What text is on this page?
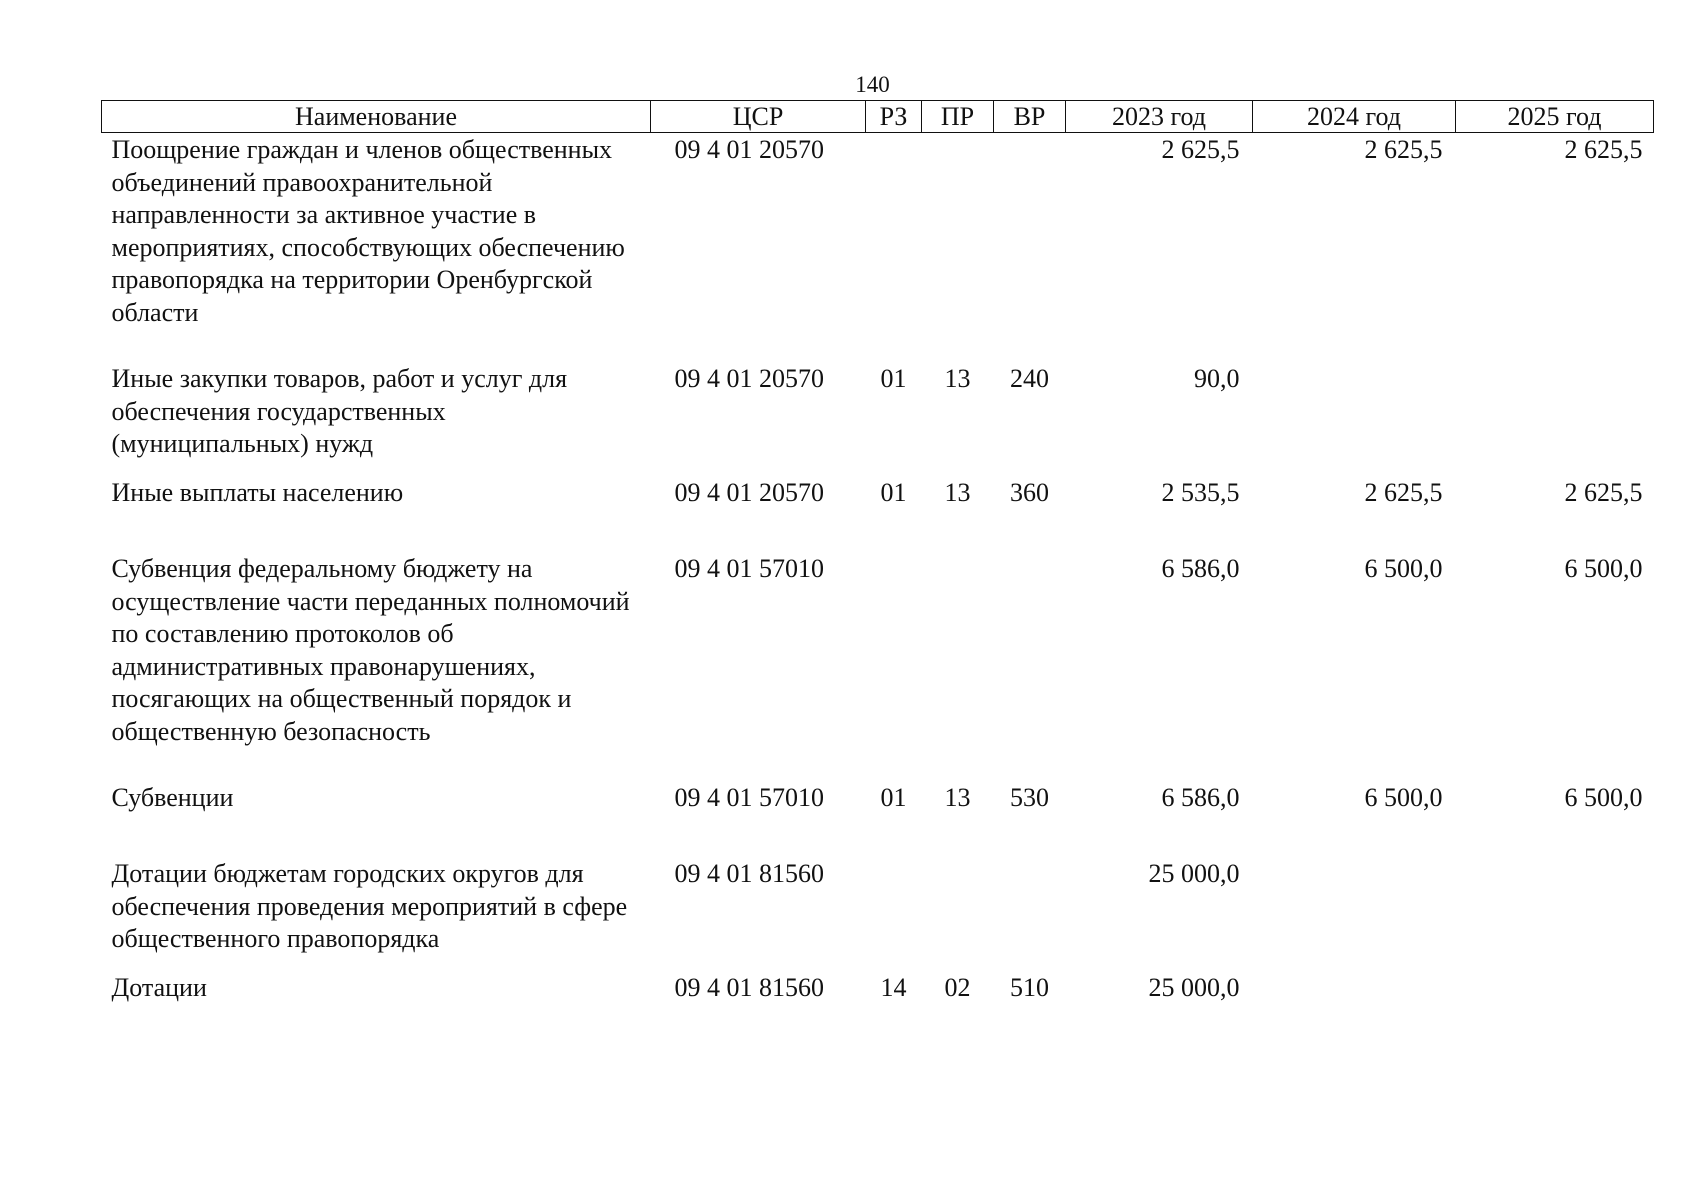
140
Наименование	ЦСР	РЗ	ПР	ВР	2023 год	2024 год	2025 год
Поощрение граждан и членов общественных объединений правоохранительной направленности за активное участие в мероприятиях, способствующих обеспечению правопорядка на территории Оренбургской области	09 4 01 20570				2 625,5	2 625,5	2 625,5
Иные закупки товаров, работ и услуг для обеспечения государственных (муниципальных) нужд	09 4 01 20570	01	13	240	90,0		
Иные выплаты населению	09 4 01 20570	01	13	360	2 535,5	2 625,5	2 625,5
Субвенция федеральному бюджету на осуществление части переданных полномочий по составлению протоколов об административных правонарушениях, посягающих на общественный порядок и общественную безопасность	09 4 01 57010				6 586,0	6 500,0	6 500,0
Субвенции	09 4 01 57010	01	13	530	6 586,0	6 500,0	6 500,0
Дотации бюджетам городских округов для обеспечения проведения мероприятий в сфере общественного правопорядка	09 4 01 81560				25 000,0		
Дотации	09 4 01 81560	14	02	510	25 000,0		
